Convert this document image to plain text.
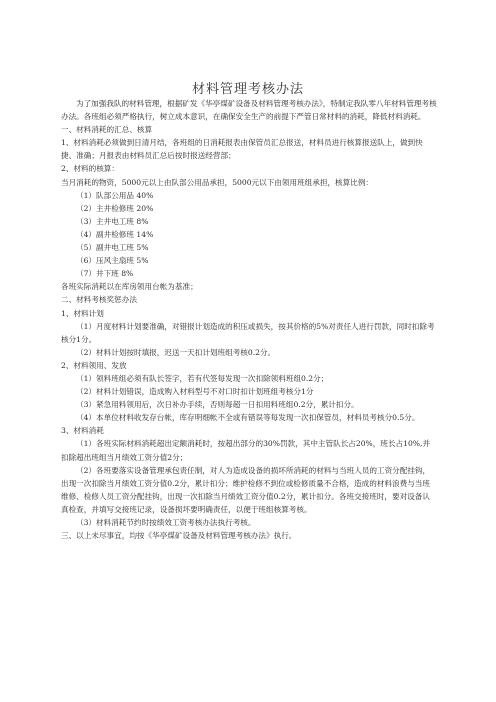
材料管理考核办法
为了加强我队的材料管理，根据矿发《华亭煤矿设备及材料管理考核办法》，特制定我队零八年材料管理考核办法。各班组必须严格执行，树立成本意识，在确保安全生产的前提下严管日常材料的消耗，降低材料消耗。
一、材料消耗的汇总、核算
1、材料消耗必须做到日清月结，各班组的日消耗报表由保管员汇总报送，材料员进行核算报送队上，做到快捷、准确；月报表由材料员汇总后按时报送经营部；
2、材料的核算：
当月消耗的物资，5000元以上由队部公用品承担，5000元以下由领用班组承担，核算比例：
（1）队部公用品 40%
（2）主井检修班 20%
（3）主井电工班 8%
（4）副井检修班 14%
（5）副井电工班 5%
（6）压风主扇班 5%
（7）井下班 8%
各班实际消耗以在库房领用台帐为基准；
二、材料考核奖惩办法
1、材料计划
（1）月度材料计划要准确，对错报计划造成的积压或损失，按其价格的5%对责任人进行罚款，同时扣除考核分1分。
（2）材料计划按时填报，迟送一天扣计划班组考核0.2分。
2、材料领用、发放
（1）领料班组必须有队长签字，若有代签每发现一次扣除领料班组0.2分；
（2）材料计划错误，造成购入材料型号不对口时扣计划班组考核分1分
（3）紧急用料领用后，次日补办手续，否则每超一日扣用料班组0.2分，累计扣分。
（4）本单位材料收发存台帐，库存明细帐不全或有错误等每发现一次扣保管员，材料员考核分0.5分。
3、材料消耗
（1）各班实际材料消耗超出定额消耗时，按超出部分的30%罚款，其中主管队长占20%，班长占10%,并扣除超出班组当月绩效工资分值2分；
（2）各班要落实设备管理承包责任制，对人为造成设备的损坏所消耗的材料与当班人员的工资分配挂钩，出现一次扣除当月绩效工资分值0.2分，累计扣分；维护检修不到位或检修质量不合格，造成的材料浪费与当班维修、检修人员工资分配挂钩，出现一次扣除当月绩效工资分值0.2分，累计扣分。各班交接班时，要对设备认真检查，并填写交接班记录，设备损坏要明确责任，以便于班组核算考核。
（3）材料消耗节约时按绩效工资考核办法执行考核。
三、以上未尽事宜，均按《华亭煤矿设备及材料管理考核办法》执行。
